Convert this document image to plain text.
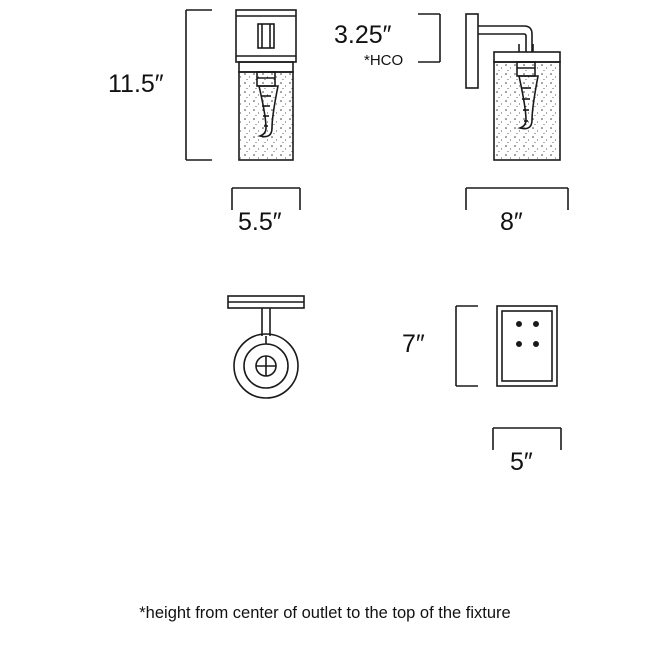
11.5″
5.5″
3.25″
*HCO
8″
7″
5″
*height from center of outlet to the top of the fixture
